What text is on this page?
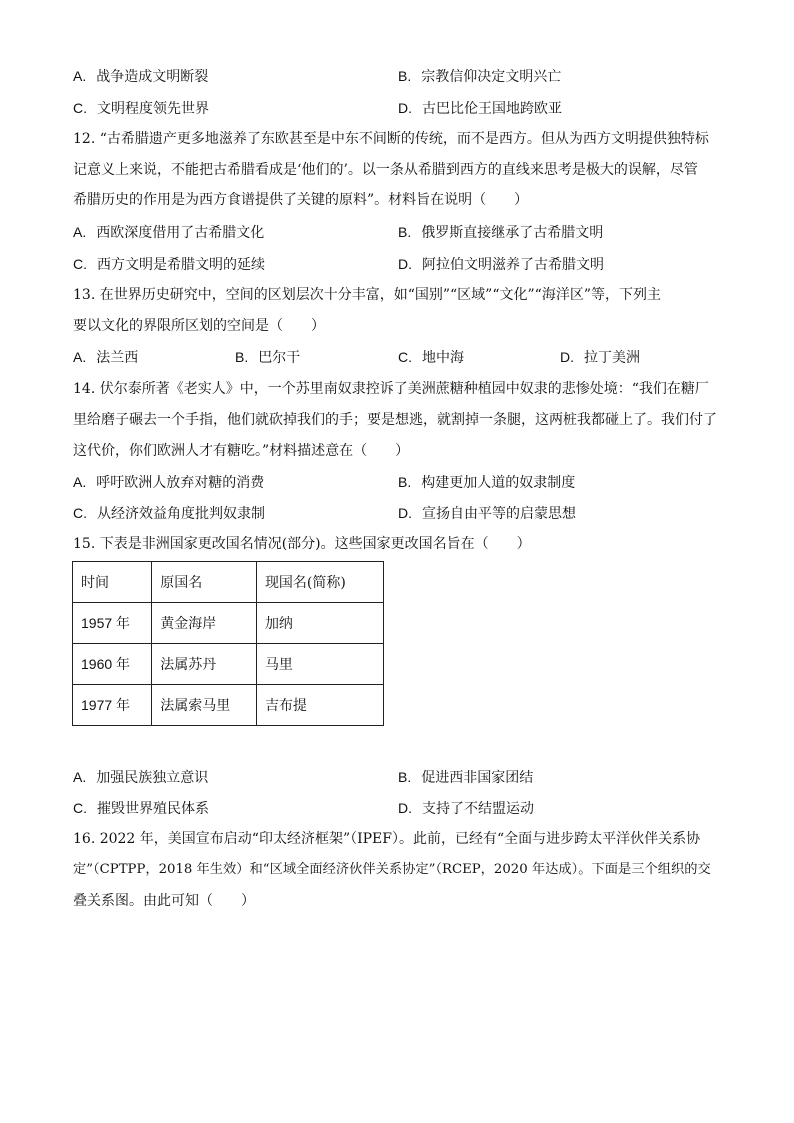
A. 战争造成文明断裂	B. 宗教信仰决定文明兴亡
C. 文明程度领先世界	D. 古巴比伦王国地跨欧亚
12. “古希腊遗产更多地滋养了东欧甚至是中东不间断的传统，而不是西方。但从为西方文明提供独特标
记意义上来说，不能把古希腊看成是‘他们的’。以一条从希腊到西方的直线来思考是极大的误解，尽管
希腊历史的作用是为西方食谱提供了关键的原料”。材料旨在说明（　　）
A. 西欧深度借用了古希腊文化	B. 俄罗斯直接继承了古希腊文明
C. 西方文明是希腊文明的延续	D. 阿拉伯文明滋养了古希腊文明
13. 在世界历史研究中，空间的区划层次十分丰富，如“国别”“区域”“文化”“海洋区”等，下列主
要以文化的界限所区划的空间是（　　）
A. 法兰西	B. 巴尔干	C. 地中海	D. 拉丁美洲
14. 伏尔泰所著《老实人》中，一个苏里南奴隶控诉了美洲蔗糖种植园中奴隶的悲惨处境：“我们在糖厂
里给磨子碾去一个手指，他们就砍掉我们的手；要是想逃，就割掉一条腿，这两桩我都碰上了。我们付了
这代价，你们欧洲人才有糖吃。”材料描述意在（　　）
A. 呼吁欧洲人放弃对糖的消费	B. 构建更加人道的奴隶制度
C. 从经济效益角度批判奴隶制	D. 宣扬自由平等的启蒙思想
15. 下表是非洲国家更改国名情况(部分)。这些国家更改国名旨在（　　）
时间	原国名	现国名(简称)
1957 年	黄金海岸	加纳
1960 年	法属苏丹	马里
1977 年	法属索马里	吉布提
A. 加强民族独立意识	B. 促进西非国家团结
C. 摧毁世界殖民体系	D. 支持了不结盟运动
16. 2022 年，美国宣布启动“印太经济框架”（IPEF）。此前，已经有“全面与进步跨太平洋伙伴关系协
定”（CPTPP，2018 年生效）和“区域全面经济伙伴关系协定”（RCEP，2020 年达成）。下面是三个组织的交
叠关系图。由此可知（　　）
